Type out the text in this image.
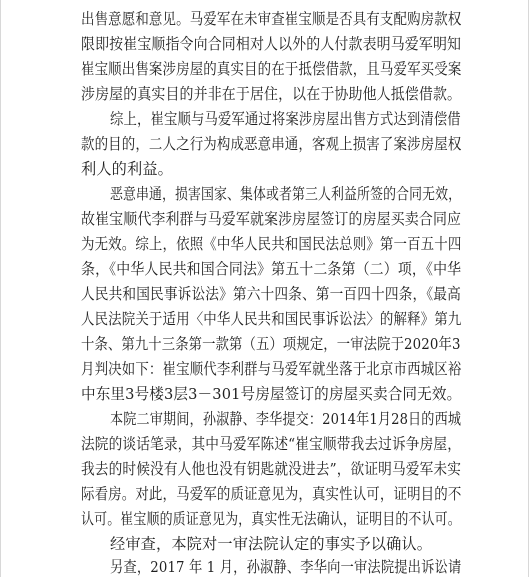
出售意愿和意见。马爱军在未审查崔宝顺是否具有支配购房款权
限即按崔宝顺指令向合同相对人以外的人付款表明马爱军明知
崔宝顺出售案涉房屋的真实目的在于抵偿借款，且马爱军买受案
涉房屋的真实目的并非在于居住，以在于协助他人抵偿借款。
综上，崔宝顺与马爱军通过将案涉房屋出售方式达到清偿借
款的目的，二人之行为构成恶意串通，客观上损害了案涉房屋权
利人的利益。
恶意串通，损害国家、集体或者第三人利益所签的合同无效，
故崔宝顺代李利群与马爱军就案涉房屋签订的房屋买卖合同应
为无效。综上，依照《中华人民共和国民法总则》第一百五十四
条，《中华人民共和国合同法》第五十二条第（二）项，《中华
人民共和国民事诉讼法》第六十四条、第一百四十四条，《最高
人民法院关于适用〈中华人民共和国民事诉讼法〉的解释》第九
十条、第九十三条第一款第（五）项规定，一审法院于2020年3
月判决如下：崔宝顺代李利群与马爱军就坐落于北京市西城区裕
中东里3号楼3层3－301号房屋签订的房屋买卖合同无效。
本院二审期间，孙淑静、李华提交：2014年1月28日的西城
法院的谈话笔录，其中马爱军陈述“崔宝顺带我去过诉争房屋，
我去的时候没有人他也没有钥匙就没进去”，欲证明马爱军未实
际看房。对此，马爱军的质证意见为，真实性认可，证明目的不
认可。崔宝顺的质证意见为，真实性无法确认，证明目的不认可。
经审查，本院对一审法院认定的事实予以确认。
另查，2017 年 1 月，孙淑静、李华向一审法院提出诉讼请
